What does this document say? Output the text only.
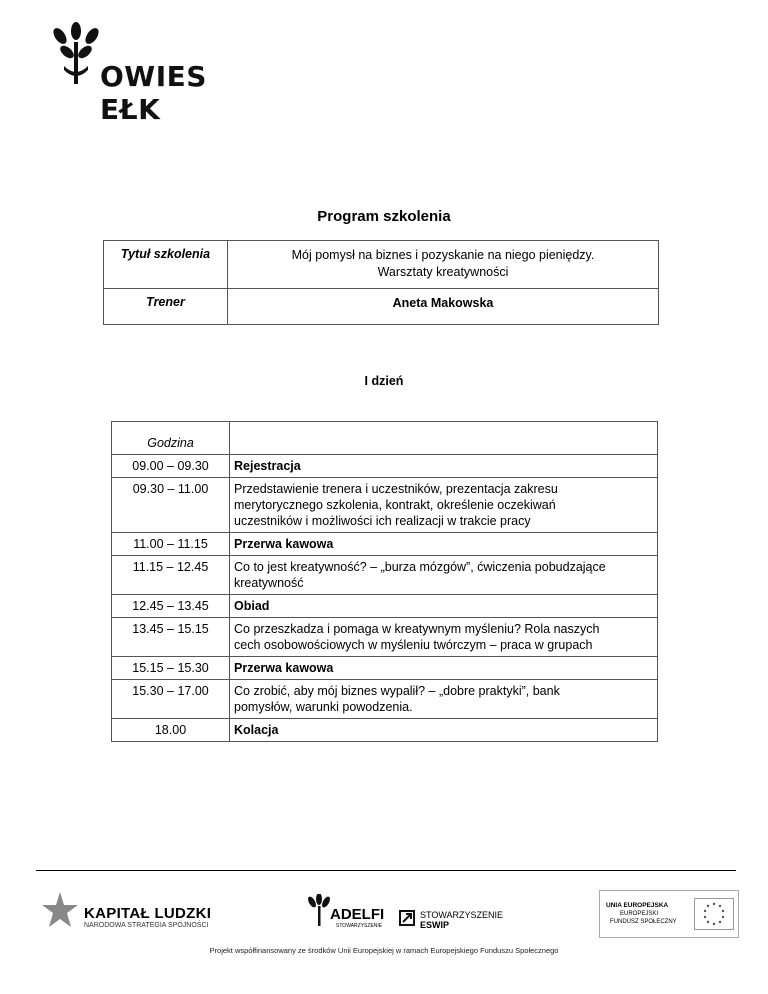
OWIES EŁK
Program szkolenia
Tytuł szkolenia	Mój pomysł na biznes i pozyskanie na niego pieniędzy.
Warsztaty kreatywności
Trener	Aneta Makowska
I dzień
Godzina	
09.00 – 09.30	Rejestracja
09.30 – 11.00	Przedstawienie trenera i uczestników, prezentacja zakresu
merytorycznego szkolenia, kontrakt, określenie oczekiwań
uczestników i możliwości ich realizacji w trakcie pracy
11.00 – 11.15	Przerwa kawowa
11.15 – 12.45	Co to jest kreatywność? – „burza mózgów”, ćwiczenia pobudzające
kreatywność
12.45 – 13.45	Obiad
13.45 – 15.15	Co przeszkadza i pomaga w kreatywnym myśleniu? Rola naszych
cech osobowościowych w myśleniu twórczym – praca w grupach
15.15 – 15.30	Przerwa kawowa
15.30 – 17.00	Co zrobić, aby mój biznes wypalił? – „dobre praktyki”, bank
pomysłów, warunki powodzenia.
18.00	Kolacja
KAPITAŁ LUDZKI
NARODOWA STRATEGIA SPÓJNOŚCI
ADELFI
STOWARZYSZENIE
STOWARZYSZENIE
ESWIP
UNIA EUROPEJSKA
EUROPEJSKI
FUNDUSZ SPOŁECZNY
Projekt współfinansowany ze środków Unii Europejskiej w ramach Europejskiego Funduszu Społecznego
